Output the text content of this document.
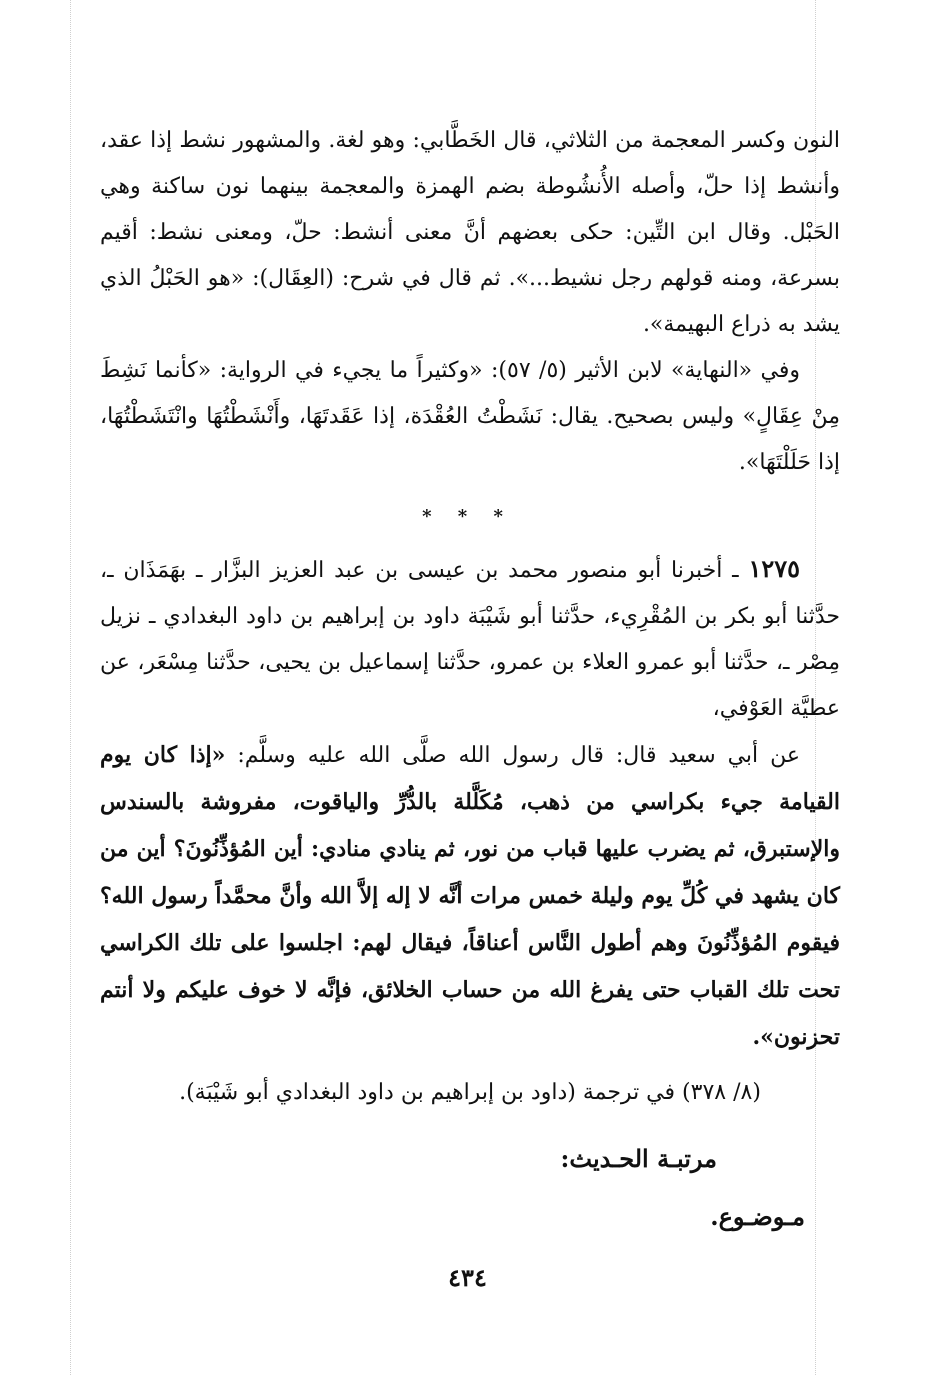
النون وكسر المعجمة من الثلاثي، قال الخَطَّابي: وهو لغة. والمشهور نشط إذا عقد، وأنشط إذا حلّ، وأصله الأُنشُوطة بضم الهمزة والمعجمة بينهما نون ساكنة وهي الحَبْل. وقال ابن التِّين: حكى بعضهم أنَّ معنى أنشط: حلّ، ومعنى نشط: أقيم بسرعة، ومنه قولهم رجل نشيط...». ثم قال في شرح: (العِقَال): «هو الحَبْلُ الذي يشد به ذراع البهيمة».

وفي «النهاية» لابن الأثير (٥/ ٥٧): «وكثيراً ما يجيء في الرواية: «كأنما نَشِطَ مِنْ عِقَالٍ» وليس بصحيح. يقال: نَشَطْتُ العُقْدَة، إذا عَقَدتَهَا، وأَنْشَطْتُهَا وانْتَشَطْتُهَا، إذا حَلَلْتَهَا».

* * *

١٢٧٥ ـ أخبرنا أبو منصور محمد بن عيسى بن عبد العزيز البزَّار ـ بهَمَذَان ـ، حدَّثنا أبو بكر بن المُقْرِيء، حدَّثنا أبو شَيْبَة داود بن إبراهيم بن داود البغدادي ـ نزيل مِصْر ـ، حدَّثنا أبو عمرو العلاء بن عمرو، حدَّثنا إسماعيل بن يحيى، حدَّثنا مِسْعَر، عن عطيَّة العَوْفي،

عن أبي سعيد قال: قال رسول الله صلَّى الله عليه وسلَّم: «إذا كان يوم القيامة جيء بكراسي من ذهب، مُكَلَّلة بالدُّرِّ والياقوت، مفروشة بالسندس والإستبرق، ثم يضرب عليها قباب من نور، ثم ينادي منادي: أين المُؤذِّنُونَ؟ أين من كان يشهد في كُلِّ يوم وليلة خمس مرات أنَّه لا إله إلاَّ الله وأنَّ محمَّداً رسول الله؟ فيقوم المُؤذِّنُونَ وهم أطول النَّاس أعناقاً، فيقال لهم: اجلسوا على تلك الكراسي تحت تلك القباب حتى يفرغ الله من حساب الخلائق، فإنَّه لا خوف عليكم ولا أنتم تحزنون».

(٨/ ٣٧٨) في ترجمة (داود بن إبراهيم بن داود البغدادي أبو شَيْبَة).
مرتبـة الحـديث:
مـوضـوع.
٤٣٤
